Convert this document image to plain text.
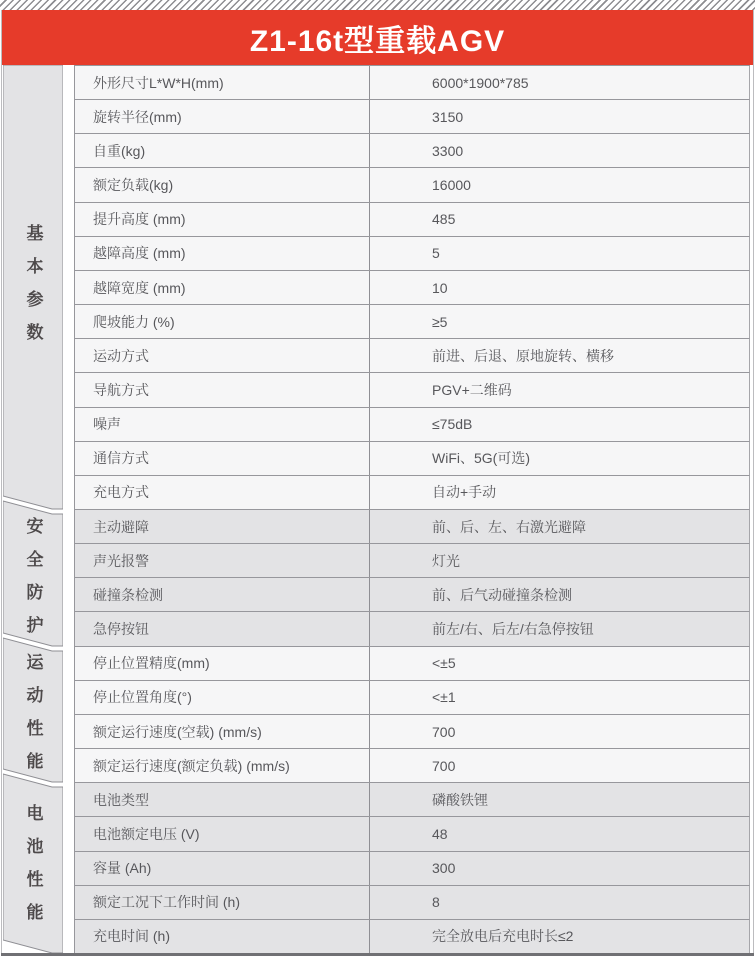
Z1-16t型重载AGV
基本参数
安全防护
运动性能
电池性能
外形尺寸L*W*H(mm)	6000*1900*785
旋转半径(mm)	3150
自重(kg)	3300
额定负载(kg)	16000
提升高度 (mm)	485
越障高度 (mm)	5
越障宽度 (mm)	10
爬坡能力 (%)	≥5
运动方式	前进、后退、原地旋转、横移
导航方式	PGV+二维码
噪声	≤75dB
通信方式	WiFi、5G(可选)
充电方式	自动+手动
主动避障	前、后、左、右激光避障
声光报警	灯光
碰撞条检测	前、后气动碰撞条检测
急停按钮	前左/右、后左/右急停按钮
停止位置精度(mm)	<±5
停止位置角度(°)	<±1
额定运行速度(空载) (mm/s)	700
额定运行速度(额定负载) (mm/s)	700
电池类型	磷酸铁锂
电池额定电压 (V)	48
容量 (Ah)	300
额定工况下工作时间 (h)	8
充电时间 (h)	完全放电后充电时长≤2
